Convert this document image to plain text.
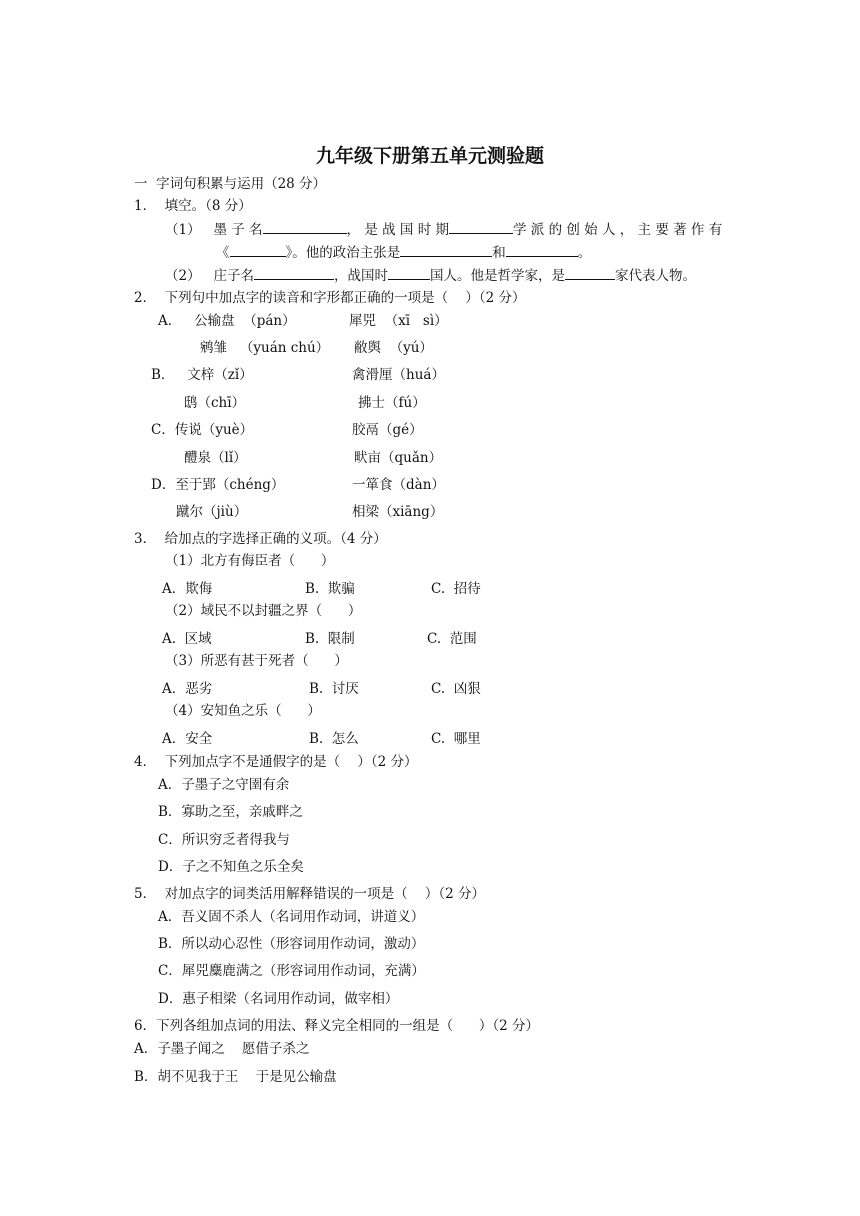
九年级下册第五单元测验题
一  字词句积累与运用（28 分）
1．  填空。（8 分）
（1）   墨 子 名	， 是 战 国 时 期	学 派 的 创 始 人 ， 主 要 著 作 有
《	》。他的政治主张是	和	。
（2）   庄子名	，战国时	国人。他是哲学家，是	家代表人物。
2．  下列句中加点字的读音和字形都正确的一项是（    ）（2 分）
A．   公输盘  （pán）	犀兕  （xī   sì）
鹓雏   （yuán chú） 敝舆  （yú）
B．   文梓（zǐ）	禽滑厘（huá）
鸱（chī）	拂士（fú）
C．传说（yuè）	胶鬲（gé）
醴泉（lǐ）	畎亩（quǎn）
D．至于郢（chéng）	一箪食（dàn）
蹴尔（jiù）	相梁（xiāng）
3．  给加点的字选择正确的义项。（4 分）
（1）北方有侮臣者（      ）
A．欺侮	B.  欺骗	C.  招待
（2）域民不以封疆之界（      ）
A.  区域	B.  限制	C.  范围
（3）所恶有甚于死者（      ）
A．恶劣	B.  讨厌	C.  凶狠
（4）安知鱼之乐（      ）
A．安全	B.  怎么	C.  哪里
4．  下列加点字不是通假字的是（    ）（2 分）
A．子墨子之守圉有余
B．寡助之至，亲戚畔之
C．所识穷乏者得我与
D．子之不知鱼之乐全矣
5．  对加点字的词类活用解释错误的一项是（    ）（2 分）
A．吾义固不杀人（名词用作动词，讲道义）
B．所以动心忍性（形容词用作动词，激动）
C．犀兕麋鹿满之（形容词用作动词，充满）
D．惠子相梁（名词用作动词，做宰相）
6．下列各组加点词的用法、释义完全相同的一组是（      ）（2 分）
A．子墨子闻之    愿借子杀之
B．胡不见我于王    于是见公输盘
